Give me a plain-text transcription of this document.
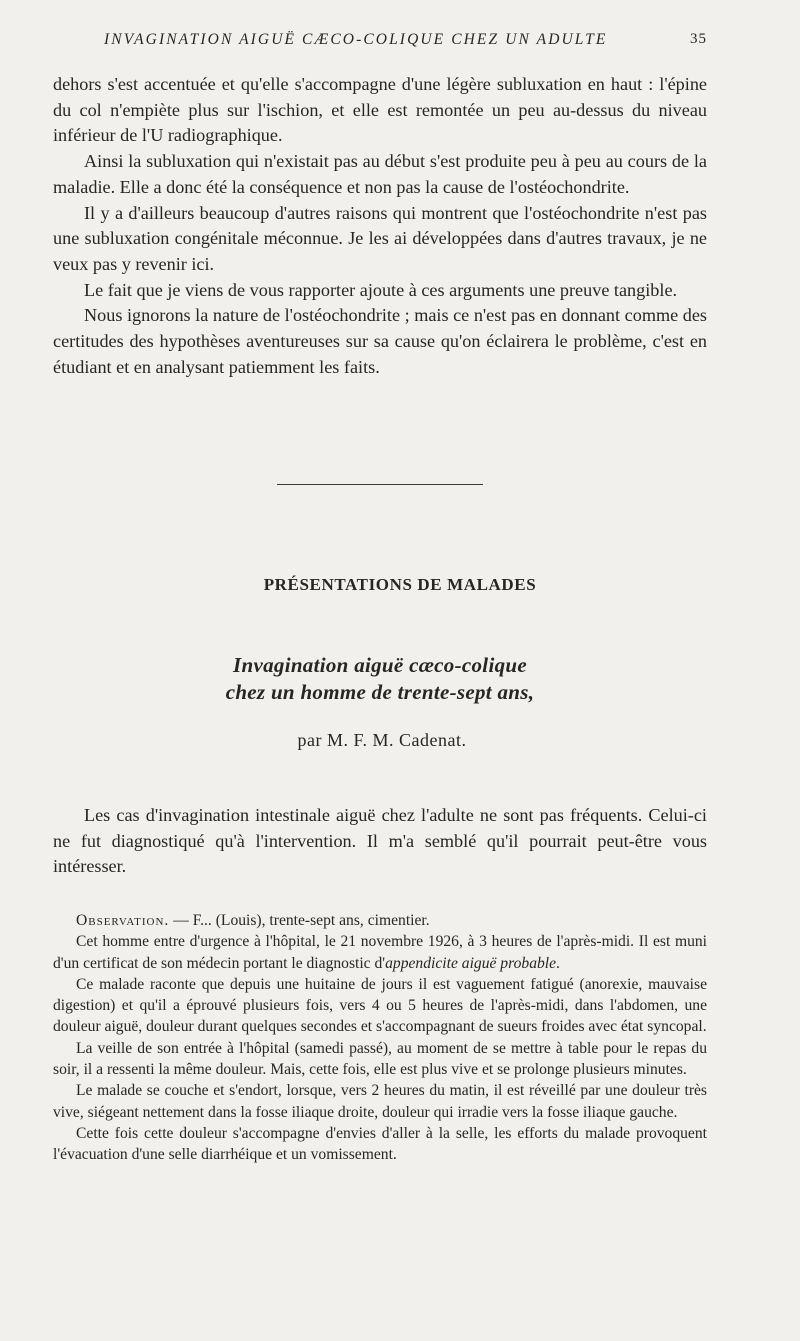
INVAGINATION AIGUË CÆCO-COLIQUE CHEZ UN ADULTE	35

dehors s'est accentuée et qu'elle s'accompagne d'une légère subluxation en haut : l'épine du col n'empiète plus sur l'ischion, et elle est remontée un peu au-dessus du niveau inférieur de l'U radiographique.

Ainsi la subluxation qui n'existait pas au début s'est produite peu à peu au cours de la maladie. Elle a donc été la conséquence et non pas la cause de l'ostéochondrite.

Il y a d'ailleurs beaucoup d'autres raisons qui montrent que l'ostéochondrite n'est pas une subluxation congénitale méconnue. Je les ai développées dans d'autres travaux, je ne veux pas y revenir ici.

Le fait que je viens de vous rapporter ajoute à ces arguments une preuve tangible.

Nous ignorons la nature de l'ostéochondrite ; mais ce n'est pas en donnant comme des certitudes des hypothèses aventureuses sur sa cause qu'on éclairera le problème, c'est en étudiant et en analysant patiemment les faits.

PRÉSENTATIONS DE MALADES
Invagination aiguë cæco-colique
chez un homme de trente-sept ans,
par M. F. M. Cadenat.

Les cas d'invagination intestinale aiguë chez l'adulte ne sont pas fréquents. Celui-ci ne fut diagnostiqué qu'à l'intervention. Il m'a semblé qu'il pourrait peut-être vous intéresser.

Observation. — F... (Louis), trente-sept ans, cimentier.

Cet homme entre d'urgence à l'hôpital, le 21 novembre 1926, à 3 heures de l'après-midi. Il est muni d'un certificat de son médecin portant le diagnostic d'appendicite aiguë probable.

Ce malade raconte que depuis une huitaine de jours il est vaguement fatigué (anorexie, mauvaise digestion) et qu'il a éprouvé plusieurs fois, vers 4 ou 5 heures de l'après-midi, dans l'abdomen, une douleur aiguë, douleur durant quelques secondes et s'accompagnant de sueurs froides avec état syncopal.

La veille de son entrée à l'hôpital (samedi passé), au moment de se mettre à table pour le repas du soir, il a ressenti la même douleur. Mais, cette fois, elle est plus vive et se prolonge plusieurs minutes.

Le malade se couche et s'endort, lorsque, vers 2 heures du matin, il est réveillé par une douleur très vive, siégeant nettement dans la fosse iliaque droite, douleur qui irradie vers la fosse iliaque gauche.

Cette fois cette douleur s'accompagne d'envies d'aller à la selle, les efforts du malade provoquent l'évacuation d'une selle diarrhéique et un vomissement.
